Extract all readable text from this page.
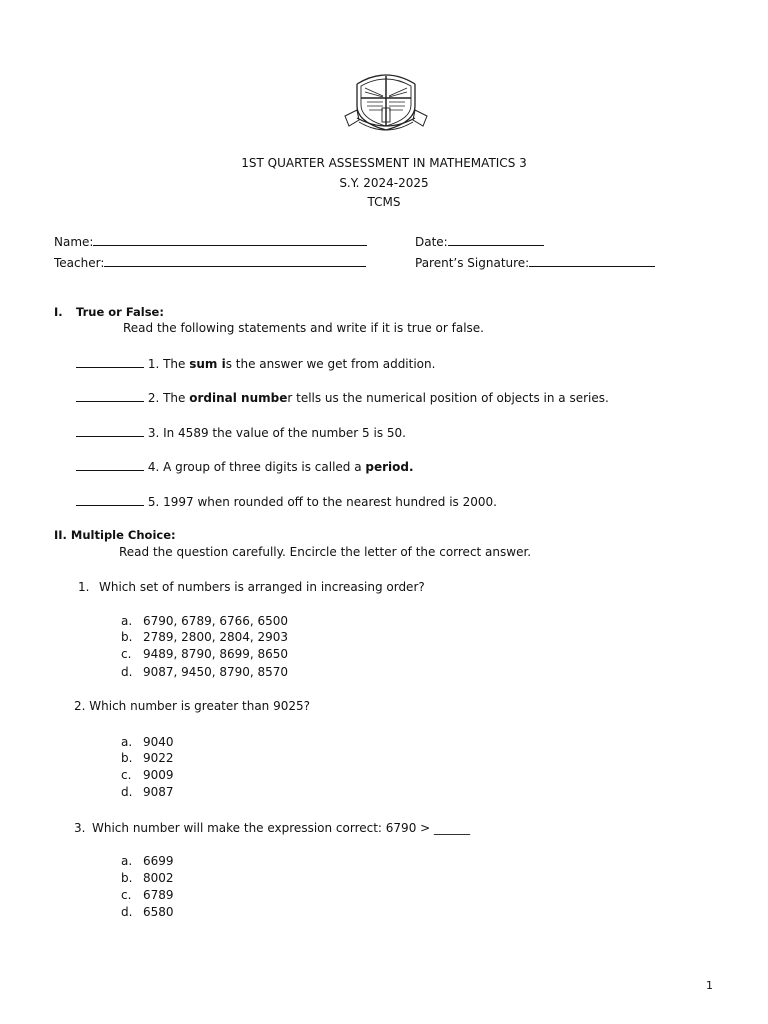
1ST QUARTER ASSESSMENT IN MATHEMATICS 3
S.Y. 2024-2025
TCMS
Name:	Date:
Teacher:	Parent’s Signature:
I. True or False:
Read the following statements and write if it is true or false.
1. The sum is the answer we get from addition.
2. The ordinal number tells us the numerical position of objects in a series.
3. In 4589 the value of the number 5 is 50.
4. A group of three digits is called a period.
5. 1997 when rounded off to the nearest hundred is 2000.
II. Multiple Choice:
Read the question carefully. Encircle the letter of the correct answer.
1. Which set of numbers is arranged in increasing order?
a. 6790, 6789, 6766, 6500
b. 2789, 2800, 2804, 2903
c. 9489, 8790, 8699, 8650
d. 9087, 9450, 8790, 8570
2. Which number is greater than 9025?
a. 9040
b. 9022
c. 9009
d. 9087
3. Which number will make the expression correct: 6790 > ______
a. 6699
b. 8002
c. 6789
d. 6580
1
